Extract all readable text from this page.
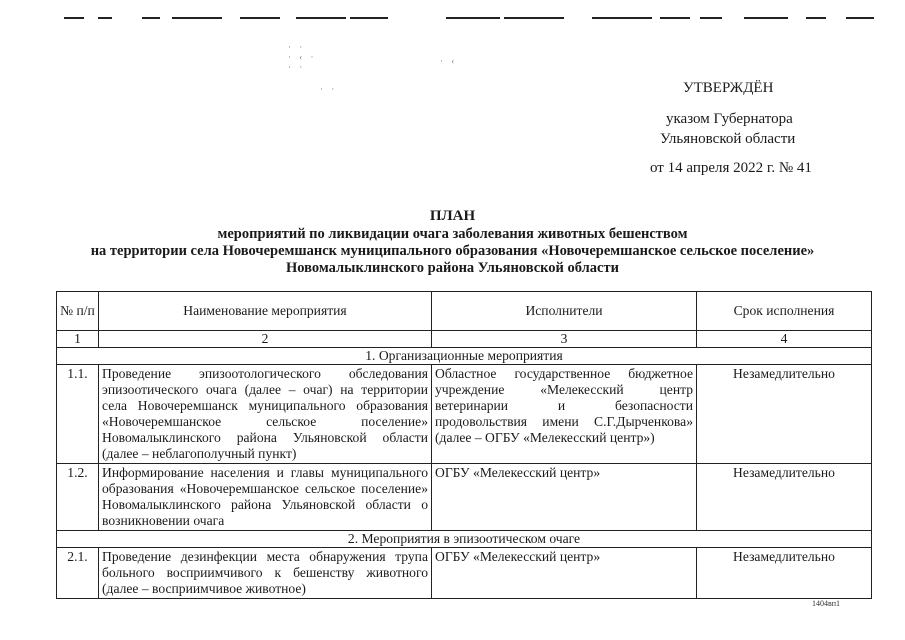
· ·
· ‹ ·
· ·
· ‹
· ·	УТВЕРЖДЁН
указом Губернатора
Ульяновской области
от 14 апреля 2022 г. № 41
ПЛАН
мероприятий по ликвидации очага заболевания животных бешенством
на территории села Новочеремшанск муниципального образования «Новочеремшанское сельское поселение»
Новомалыклинского района Ульяновской области
№ п/п	Наименование мероприятия	Исполнители	Срок исполнения
1	2	3	4
1. Организационные мероприятия			
1.1.	Проведение эпизоотологического обследования эпизоотического очага (далее – очаг) на территории села Новочеремшанск муниципального образования «Новочеремшанское сельское поселение» Новомалыклинского района Ульяновской области (далее – неблагополучный пункт)	Областное государственное бюджетное учреждение «Мелекесский центр ветеринарии и безопасности продовольствия имени С.Г.Дырченкова» (далее – ОГБУ «Мелекесский центр»)	Незамедлительно
1.2.	Информирование населения и главы муниципального образования «Новочеремшанское сельское поселение» Новомалыклинского района Ульяновской области о возникновении очага	ОГБУ «Мелекесский центр»	Незамедлительно
2. Мероприятия в эпизоотическом очаге			
2.1.	Проведение дезинфекции места обнаружения трупа больного восприимчивого к бешенству животного (далее – восприимчивое животное)	ОГБУ «Мелекесский центр»	Незамедлительно
1404вп1
